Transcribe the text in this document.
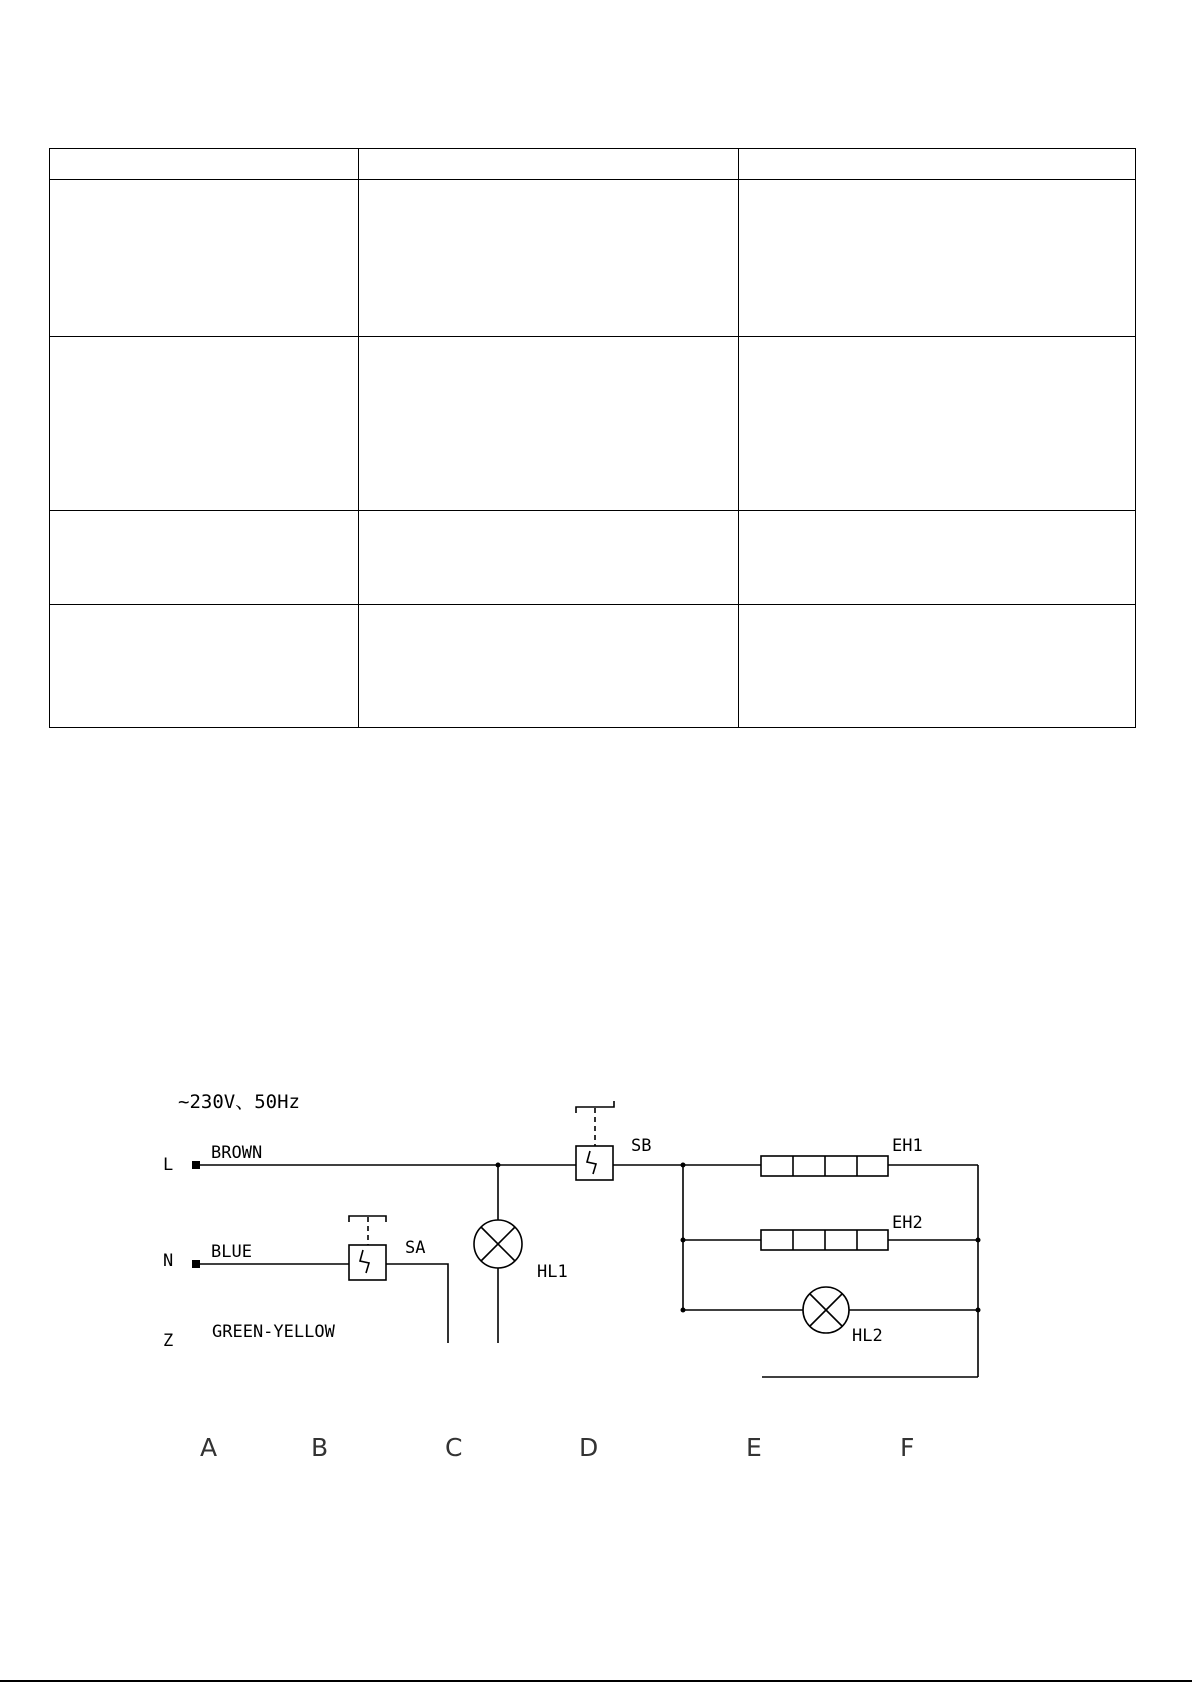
~230V、50Hz
L
N
Z
BROWN
BLUE
GREEN-YELLOW
SB
HL1
SA
EH1
EH2
HL2
A	B	C	D	E	F
